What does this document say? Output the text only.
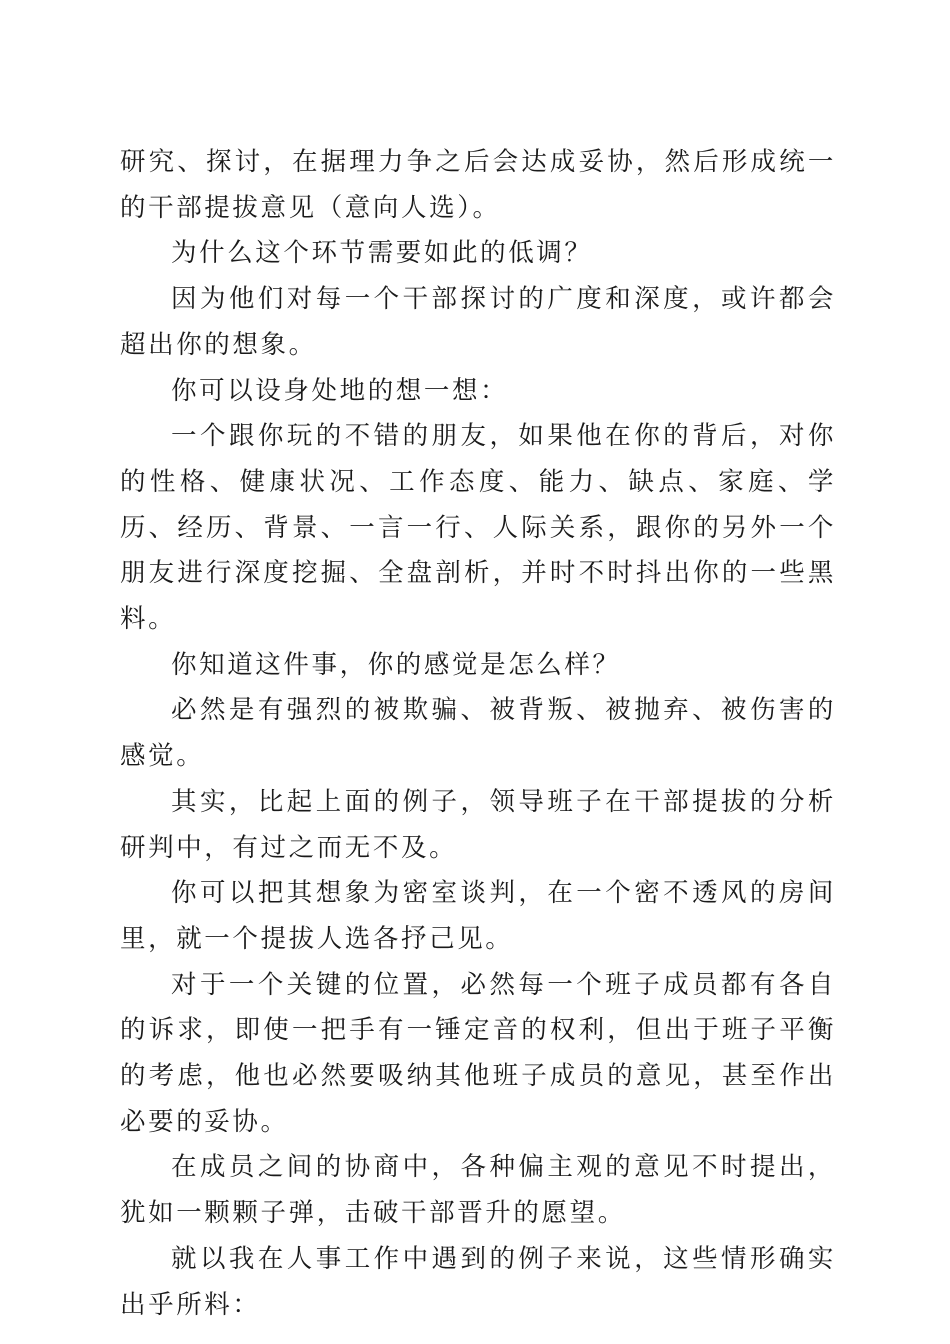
研究、探讨，在据理力争之后会达成妥协，然后形成统一的干部提拔意见（意向人选）。

为什么这个环节需要如此的低调？

因为他们对每一个干部探讨的广度和深度，或许都会超出你的想象。

你可以设身处地的想一想：

一个跟你玩的不错的朋友，如果他在你的背后，对你的性格、健康状况、工作态度、能力、缺点、家庭、学历、经历、背景、一言一行、人际关系，跟你的另外一个朋友进行深度挖掘、全盘剖析，并时不时抖出你的一些黑料。

你知道这件事，你的感觉是怎么样？

必然是有强烈的被欺骗、被背叛、被抛弃、被伤害的感觉。

其实，比起上面的例子，领导班子在干部提拔的分析研判中，有过之而无不及。

你可以把其想象为密室谈判，在一个密不透风的房间里，就一个提拔人选各抒己见。

对于一个关键的位置，必然每一个班子成员都有各自的诉求，即使一把手有一锤定音的权利，但出于班子平衡的考虑，他也必然要吸纳其他班子成员的意见，甚至作出必要的妥协。

在成员之间的协商中，各种偏主观的意见不时提出，犹如一颗颗子弹，击破干部晋升的愿望。

就以我在人事工作中遇到的例子来说，这些情形确实出乎所料：
